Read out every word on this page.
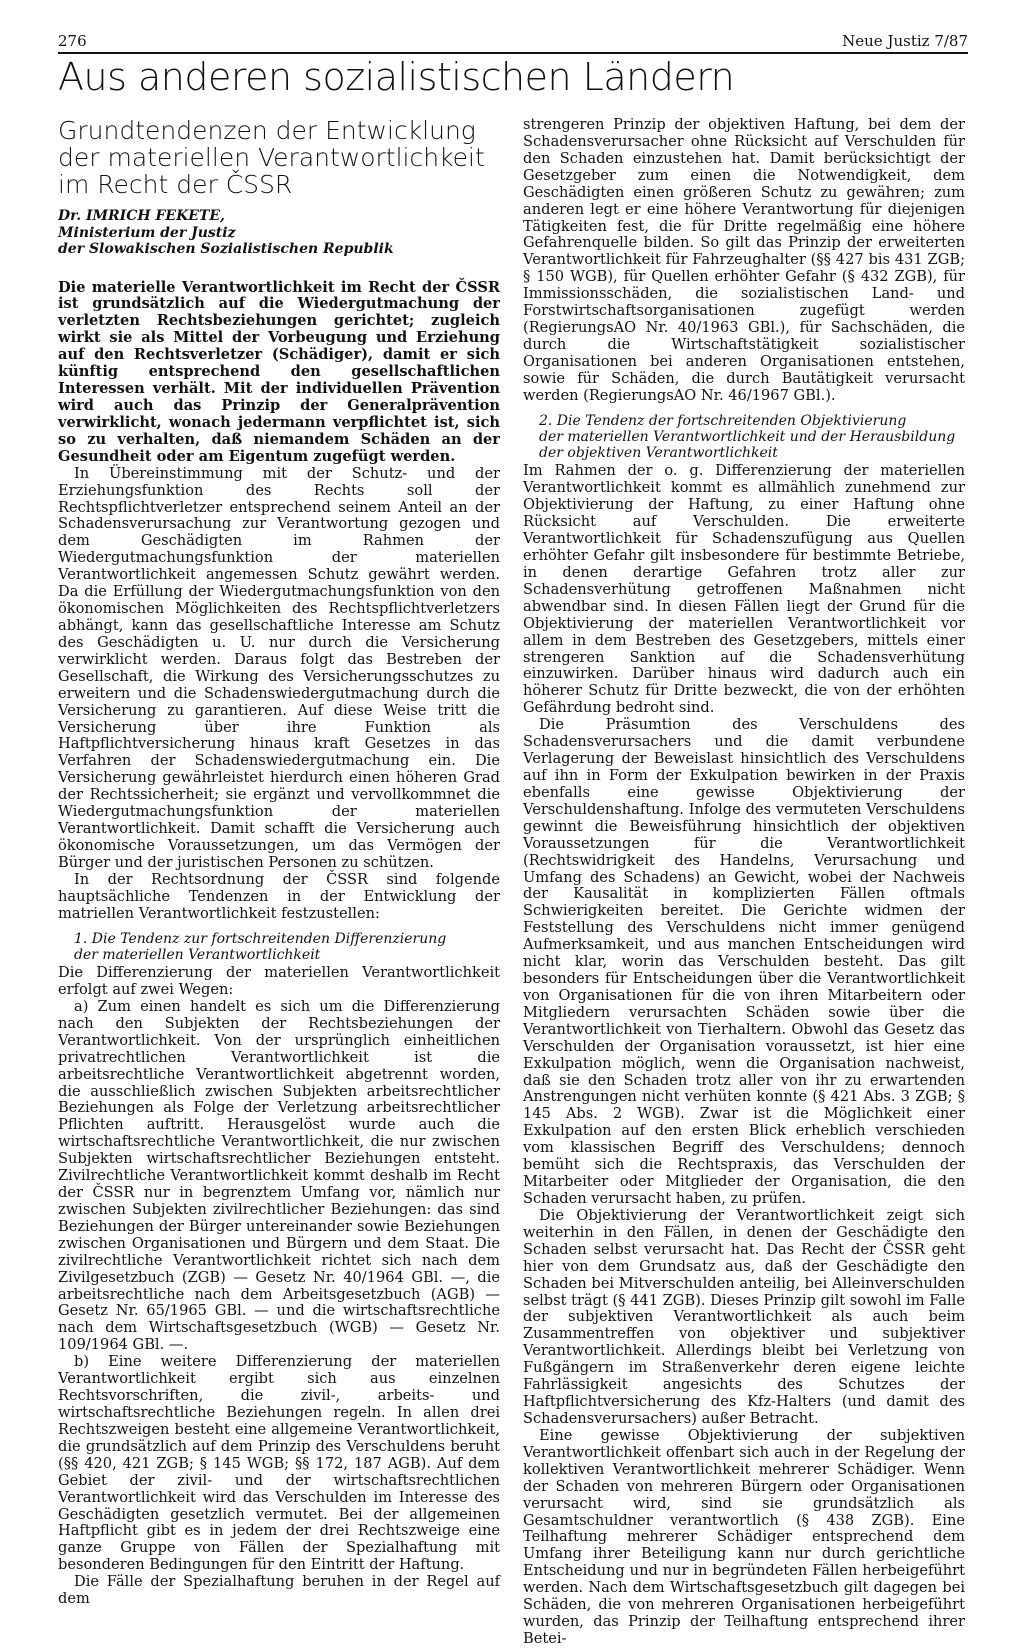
276	Neue Justiz 7/87
Aus anderen sozialistischen Ländern
Grundtendenzen der Entwicklung
der materiellen Verantwortlichkeit
im Recht der ČSSR
Dr. IMRICH FEKETE,
Ministerium der Justiz
der Slowakischen Sozialistischen Republik

Die materielle Verantwortlichkeit im Recht der ČSSR ist grundsätzlich auf die Wiedergutmachung der verletzten Rechtsbeziehungen gerichtet; zugleich wirkt sie als Mittel der Vorbeugung und Erziehung auf den Rechtsverletzer (Schädiger), damit er sich künftig entsprechend den gesellschaftlichen Interessen verhält. Mit der individuellen Prävention wird auch das Prinzip der Generalprävention verwirklicht, wonach jedermann verpflichtet ist, sich so zu verhalten, daß niemandem Schäden an der Gesundheit oder am Eigentum zugefügt werden.

In Übereinstimmung mit der Schutz- und der Erziehungsfunktion des Rechts soll der Rechtspflichtverletzer entsprechend seinem Anteil an der Schadensverursachung zur Verantwortung gezogen und dem Geschädigten im Rahmen der Wiedergutmachungsfunktion der materiellen Verantwortlichkeit angemessen Schutz gewährt werden. Da die Erfüllung der Wiedergutmachungsfunktion von den ökonomischen Möglichkeiten des Rechtspflichtverletzers abhängt, kann das gesellschaftliche Interesse am Schutz des Geschädigten u. U. nur durch die Versicherung verwirklicht werden. Daraus folgt das Bestreben der Gesellschaft, die Wirkung des Versicherungsschutzes zu erweitern und die Schadenswiedergutmachung durch die Versicherung zu garantieren. Auf diese Weise tritt die Versicherung über ihre Funktion als Haftpflichtversicherung hinaus kraft Gesetzes in das Verfahren der Schadenswiedergutmachung ein. Die Versicherung gewährleistet hierdurch einen höheren Grad der Rechtssicherheit; sie ergänzt und vervollkommnet die Wiedergutmachungsfunktion der materiellen Verantwortlichkeit. Damit schafft die Versicherung auch ökonomische Voraussetzungen, um das Vermögen der Bürger und der juristischen Personen zu schützen.

In der Rechtsordnung der ČSSR sind folgende hauptsächliche Tendenzen in der Entwicklung der matriellen Verantwortlichkeit festzustellen:

1. Die Tendenz zur fortschreitenden Differenzierung
der materiellen Verantwortlichkeit

Die Differenzierung der materiellen Verantwortlichkeit erfolgt auf zwei Wegen:

a) Zum einen handelt es sich um die Differenzierung nach den Subjekten der Rechtsbeziehungen der Verantwortlichkeit. Von der ursprünglich einheitlichen privatrechtlichen Verantwortlichkeit ist die arbeitsrechtliche Verantwortlichkeit abgetrennt worden, die ausschließlich zwischen Subjekten arbeitsrechtlicher Beziehungen als Folge der Verletzung arbeitsrechtlicher Pflichten auftritt. Herausgelöst wurde auch die wirtschaftsrechtliche Verantwortlichkeit, die nur zwischen Subjekten wirtschaftsrechtlicher Beziehungen entsteht. Zivilrechtliche Verantwortlichkeit kommt deshalb im Recht der ČSSR nur in begrenztem Umfang vor, nämlich nur zwischen Subjekten zivilrechtlicher Beziehungen: das sind Beziehungen der Bürger untereinander sowie Beziehungen zwischen Organisationen und Bürgern und dem Staat. Die zivilrechtliche Verantwortlichkeit richtet sich nach dem Zivilgesetzbuch (ZGB) — Gesetz Nr. 40/1964 GBl. —, die arbeitsrechtliche nach dem Arbeitsgesetzbuch (AGB) — Gesetz Nr. 65/1965 GBl. — und die wirtschaftsrechtliche nach dem Wirtschaftsgesetzbuch (WGB) — Gesetz Nr. 109/1964 GBl. —.

b) Eine weitere Differenzierung der materiellen Verantwortlichkeit ergibt sich aus einzelnen Rechtsvorschriften, die zivil-, arbeits- und wirtschaftsrechtliche Beziehungen regeln. In allen drei Rechtszweigen besteht eine allgemeine Verantwortlichkeit, die grundsätzlich auf dem Prinzip des Verschuldens beruht (§§ 420, 421 ZGB; § 145 WGB; §§ 172, 187 AGB). Auf dem Gebiet der zivil- und der wirtschaftsrechtlichen Verantwortlichkeit wird das Verschulden im Interesse des Geschädigten gesetzlich vermutet. Bei der allgemeinen Haftpflicht gibt es in jedem der drei Rechtszweige eine ganze Gruppe von Fällen der Spezialhaftung mit besonderen Bedingungen für den Eintritt der Haftung.

Die Fälle der Spezialhaftung beruhen in der Regel auf dem

strengeren Prinzip der objektiven Haftung, bei dem der Schadensverursacher ohne Rücksicht auf Verschulden für den Schaden einzustehen hat. Damit berücksichtigt der Gesetzgeber zum einen die Notwendigkeit, dem Geschädigten einen größeren Schutz zu gewähren; zum anderen legt er eine höhere Verantwortung für diejenigen Tätigkeiten fest, die für Dritte regelmäßig eine höhere Gefahrenquelle bilden. So gilt das Prinzip der erweiterten Verantwortlichkeit für Fahrzeughalter (§§ 427 bis 431 ZGB; § 150 WGB), für Quellen erhöhter Gefahr (§ 432 ZGB), für Immissionsschäden, die sozialistischen Land- und Forstwirtschaftsorganisationen zugefügt werden (RegierungsAO Nr. 40/1963 GBl.), für Sachschäden, die durch die Wirtschaftstätigkeit sozialistischer Organisationen bei anderen Organisationen entstehen, sowie für Schäden, die durch Bautätigkeit verursacht werden (RegierungsAO Nr. 46/1967 GBl.).

2. Die Tendenz der fortschreitenden Objektivierung
der materiellen Verantwortlichkeit und der Herausbildung
der objektiven Verantwortlichkeit

Im Rahmen der o. g. Differenzierung der materiellen Verantwortlichkeit kommt es allmählich zunehmend zur Objektivierung der Haftung, zu einer Haftung ohne Rücksicht auf Verschulden. Die erweiterte Verantwortlichkeit für Schadenszufügung aus Quellen erhöhter Gefahr gilt insbesondere für bestimmte Betriebe, in denen derartige Gefahren trotz aller zur Schadensverhütung getroffenen Maßnahmen nicht abwendbar sind. In diesen Fällen liegt der Grund für die Objektivierung der materiellen Verantwortlichkeit vor allem in dem Bestreben des Gesetzgebers, mittels einer strengeren Sanktion auf die Schadensverhütung einzuwirken. Darüber hinaus wird dadurch auch ein höherer Schutz für Dritte bezweckt, die von der erhöhten Gefährdung bedroht sind.

Die Präsumtion des Verschuldens des Schadensverursachers und die damit verbundene Verlagerung der Beweislast hinsichtlich des Verschuldens auf ihn in Form der Exkulpation bewirken in der Praxis ebenfalls eine gewisse Objektivierung der Verschuldenshaftung. Infolge des vermuteten Verschuldens gewinnt die Beweisführung hinsichtlich der objektiven Voraussetzungen für die Verantwortlichkeit (Rechtswidrigkeit des Handelns, Verursachung und Umfang des Schadens) an Gewicht, wobei der Nachweis der Kausalität in komplizierten Fällen oftmals Schwierigkeiten bereitet. Die Gerichte widmen der Feststellung des Verschuldens nicht immer genügend Aufmerksamkeit, und aus manchen Entscheidungen wird nicht klar, worin das Verschulden besteht. Das gilt besonders für Entscheidungen über die Verantwortlichkeit von Organisationen für die von ihren Mitarbeitern oder Mitgliedern verursachten Schäden sowie über die Verantwortlichkeit von Tierhaltern. Obwohl das Gesetz das Verschulden der Organisation voraussetzt, ist hier eine Exkulpation möglich, wenn die Organisation nachweist, daß sie den Schaden trotz aller von ihr zu erwartenden Anstrengungen nicht verhüten konnte (§ 421 Abs. 3 ZGB; § 145 Abs. 2 WGB). Zwar ist die Möglichkeit einer Exkulpation auf den ersten Blick erheblich verschieden vom klassischen Begriff des Verschuldens; dennoch bemüht sich die Rechtspraxis, das Verschulden der Mitarbeiter oder Mitglieder der Organisation, die den Schaden verursacht haben, zu prüfen.

Die Objektivierung der Verantwortlichkeit zeigt sich weiterhin in den Fällen, in denen der Geschädigte den Schaden selbst verursacht hat. Das Recht der ČSSR geht hier von dem Grundsatz aus, daß der Geschädigte den Schaden bei Mitverschulden anteilig, bei Alleinverschulden selbst trägt (§ 441 ZGB). Dieses Prinzip gilt sowohl im Falle der subjektiven Verantwortlichkeit als auch beim Zusammentreffen von objektiver und subjektiver Verantwortlichkeit. Allerdings bleibt bei Verletzung von Fußgängern im Straßenverkehr deren eigene leichte Fahrlässigkeit angesichts des Schutzes der Haftpflichtversicherung des Kfz-Halters (und damit des Schadensverursachers) außer Betracht.

Eine gewisse Objektivierung der subjektiven Verantwortlichkeit offenbart sich auch in der Regelung der kollektiven Verantwortlichkeit mehrerer Schädiger. Wenn der Schaden von mehreren Bürgern oder Organisationen verursacht wird, sind sie grundsätzlich als Gesamtschuldner verantwortlich (§ 438 ZGB). Eine Teilhaftung mehrerer Schädiger entsprechend dem Umfang ihrer Beteiligung kann nur durch gerichtliche Entscheidung und nur in begründeten Fällen herbeigeführt werden. Nach dem Wirtschaftsgesetzbuch gilt dagegen bei Schäden, die von mehreren Organisationen herbeigeführt wurden, das Prinzip der Teilhaftung entsprechend ihrer Betei-
